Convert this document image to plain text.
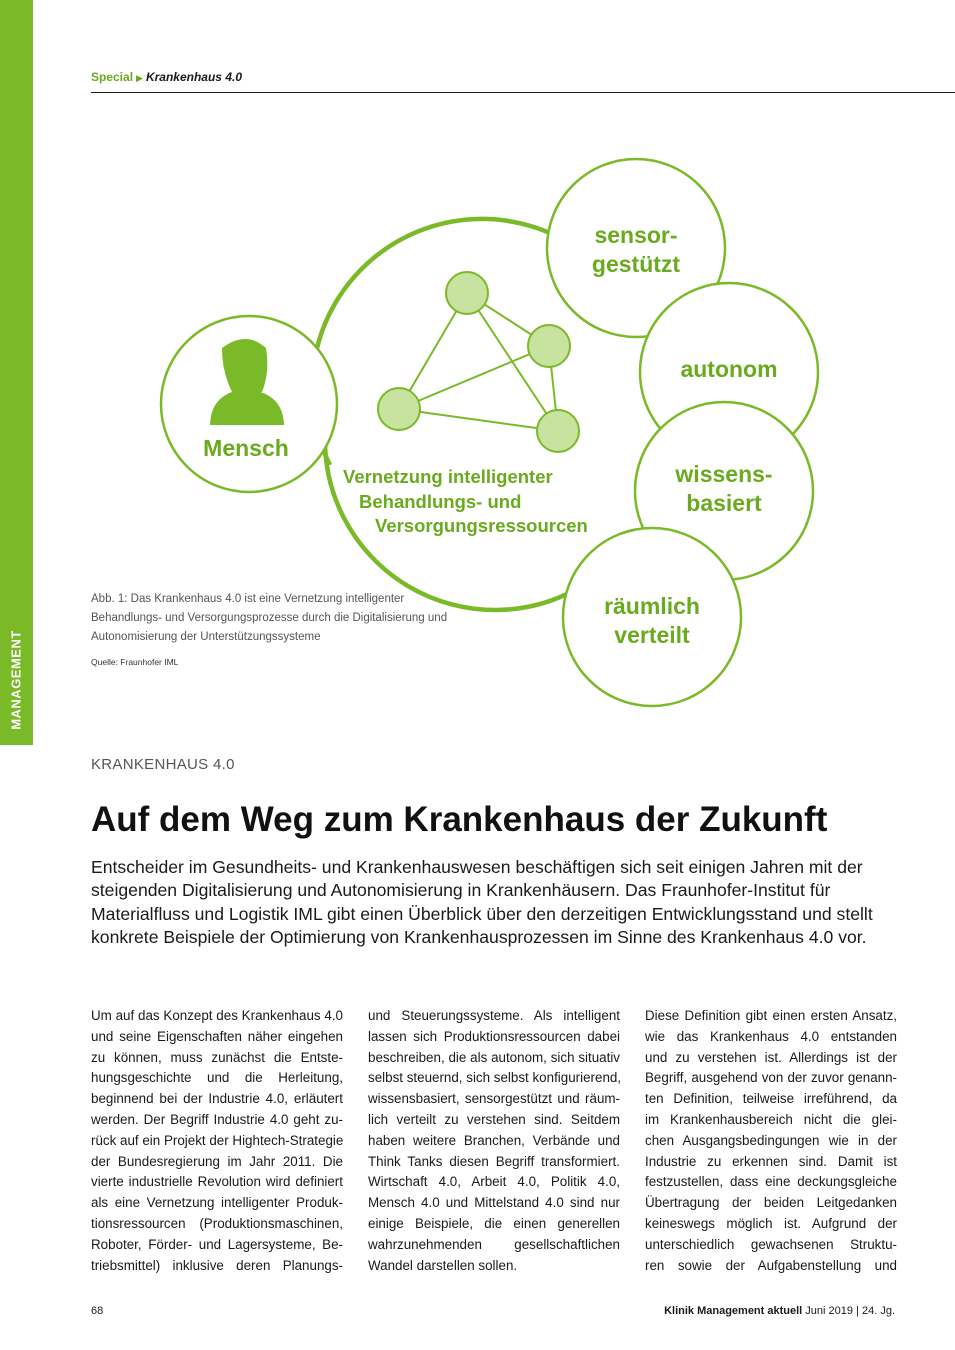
MANAGEMENT
Special ▶ Krankenhaus 4.0
Mensch
Vernetzung intelligenter
Behandlungs- und
Versorgungsressourcen
sensor-
gestützt
autonom
wissens-
basiert
räumlich
verteilt
Abb. 1: Das Krankenhaus 4.0 ist eine Vernetzung intelligenter Behandlungs- und Versorgungsprozesse durch die Digitalisierung und Autonomisierung der Unterstützungssysteme
Quelle: Fraunhofer IML
KRANKENHAUS 4.0
Auf dem Weg zum Krankenhaus der Zukunft

Entscheider im Gesundheits- und Krankenhauswesen beschäftigen sich seit einigen Jahren mit der steigenden Digitalisierung und Autonomisierung in Krankenhäusern. Das Fraunhofer-Institut für Materialfluss und Logistik IML gibt einen Überblick über den derzeitigen Entwicklungsstand und stellt konkrete Beispiele der Optimierung von Krankenhausprozessen im Sinne des Krankenhaus 4.0 vor.

Um auf das Konzept des Krankenhaus 4.0
und seine Eigenschaften näher eingehen
zu können, muss zunächst die Entste-
hungsgeschichte und die Herleitung,
beginnend bei der Industrie 4.0, erläutert
werden. Der Begriff Industrie 4.0 geht zu-
rück auf ein Projekt der Hightech-Strategie
der Bundesregierung im Jahr 2011. Die
vierte industrielle Revolution wird definiert
als eine Vernetzung intelligenter Produk-
tionsressourcen (Produktionsmaschinen,
Roboter, Förder- und Lagersysteme, Be-
triebsmittel) inklusive deren Planungs-
und Steuerungssysteme. Als intelligent
lassen sich Produktionsressourcen dabei
beschreiben, die als autonom, sich situativ
selbst steuernd, sich selbst konfigurierend,
wissensbasiert, sensorgestützt und räum-
lich verteilt zu verstehen sind. Seitdem
haben weitere Branchen, Verbände und
Think Tanks diesen Begriff transformiert.
Wirtschaft 4.0, Arbeit 4.0, Politik 4.0,
Mensch 4.0 und Mittelstand 4.0 sind nur
einige Beispiele, die einen generellen
wahrzunehmenden gesellschaftlichen
Wandel darstellen sollen.
Diese Definition gibt einen ersten Ansatz,
wie das Krankenhaus 4.0 entstanden
und zu verstehen ist. Allerdings ist der
Begriff, ausgehend von der zuvor genann-
ten Definition, teilweise irreführend, da
im Krankenhausbereich nicht die glei-
chen Ausgangsbedingungen wie in der
Industrie zu erkennen sind. Damit ist
festzustellen, dass eine deckungsgleiche
Übertragung der beiden Leitgedanken
keineswegs möglich ist. Aufgrund der
unterschiedlich gewachsenen Struktu-
ren sowie der Aufgabenstellung und
68	Klinik Management aktuell Juni 2019 | 24. Jg.
